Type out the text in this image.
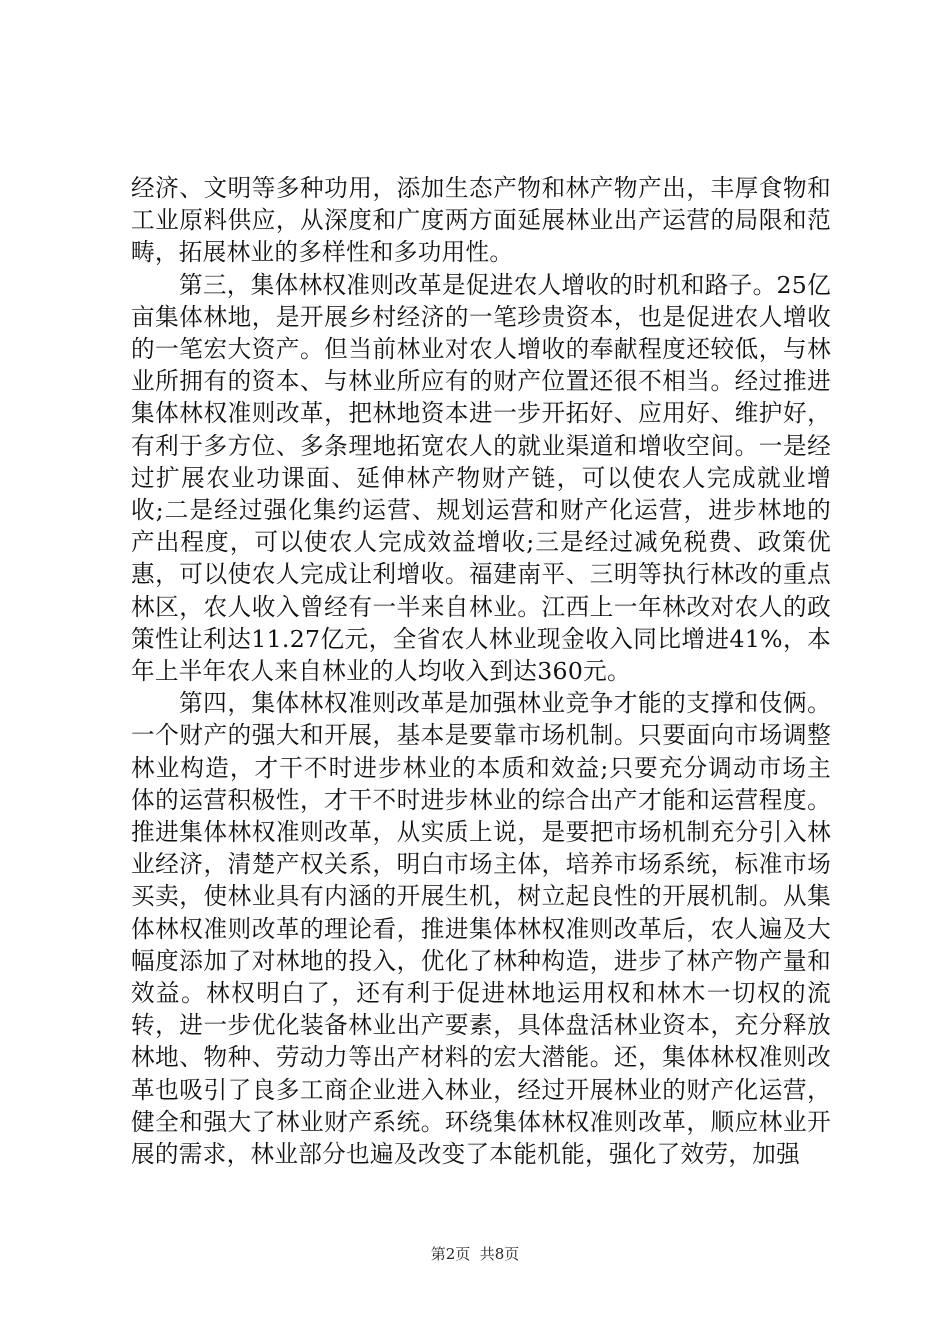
经济、文明等多种功用，添加生态产物和林产物产出，丰厚食物和工业原料供应，从深度和广度两方面延展林业出产运营的局限和范畴，拓展林业的多样性和多功用性。

第三，集体林权准则改革是促进农人增收的时机和路子。25亿亩集体林地，是开展乡村经济的一笔珍贵资本，也是促进农人增收的一笔宏大资产。但当前林业对农人增收的奉献程度还较低，与林业所拥有的资本、与林业所应有的财产位置还很不相当。经过推进集体林权准则改革，把林地资本进一步开拓好、应用好、维护好，有利于多方位、多条理地拓宽农人的就业渠道和增收空间。一是经过扩展农业功课面、延伸林产物财产链，可以使农人完成就业增收;二是经过强化集约运营、规划运营和财产化运营，进步林地的产出程度，可以使农人完成效益增收;三是经过减免税费、政策优惠，可以使农人完成让利增收。福建南平、三明等执行林改的重点林区，农人收入曾经有一半来自林业。江西上一年林改对农人的政策性让利达11.27亿元，全省农人林业现金收入同比增进41%，本年上半年农人来自林业的人均收入到达360元。

第四，集体林权准则改革是加强林业竞争才能的支撑和伎俩。一个财产的强大和开展，基本是要靠市场机制。只要面向市场调整林业构造，才干不时进步林业的本质和效益;只要充分调动市场主体的运营积极性，才干不时进步林业的综合出产才能和运营程度。推进集体林权准则改革，从实质上说，是要把市场机制充分引入林业经济，清楚产权关系，明白市场主体，培养市场系统，标准市场买卖，使林业具有内涵的开展生机，树立起良性的开展机制。从集体林权准则改革的理论看，推进集体林权准则改革后，农人遍及大幅度添加了对林地的投入，优化了林种构造，进步了林产物产量和效益。林权明白了，还有利于促进林地运用权和林木一切权的流转，进一步优化装备林业出产要素，具体盘活林业资本，充分释放林地、物种、劳动力等出产材料的宏大潜能。还，集体林权准则改革也吸引了良多工商企业进入林业，经过开展林业的财产化运营，健全和强大了林业财产系统。环绕集体林权准则改革，顺应林业开展的需求，林业部分也遍及改变了本能机能，强化了效劳，加强

第2页  共8页
